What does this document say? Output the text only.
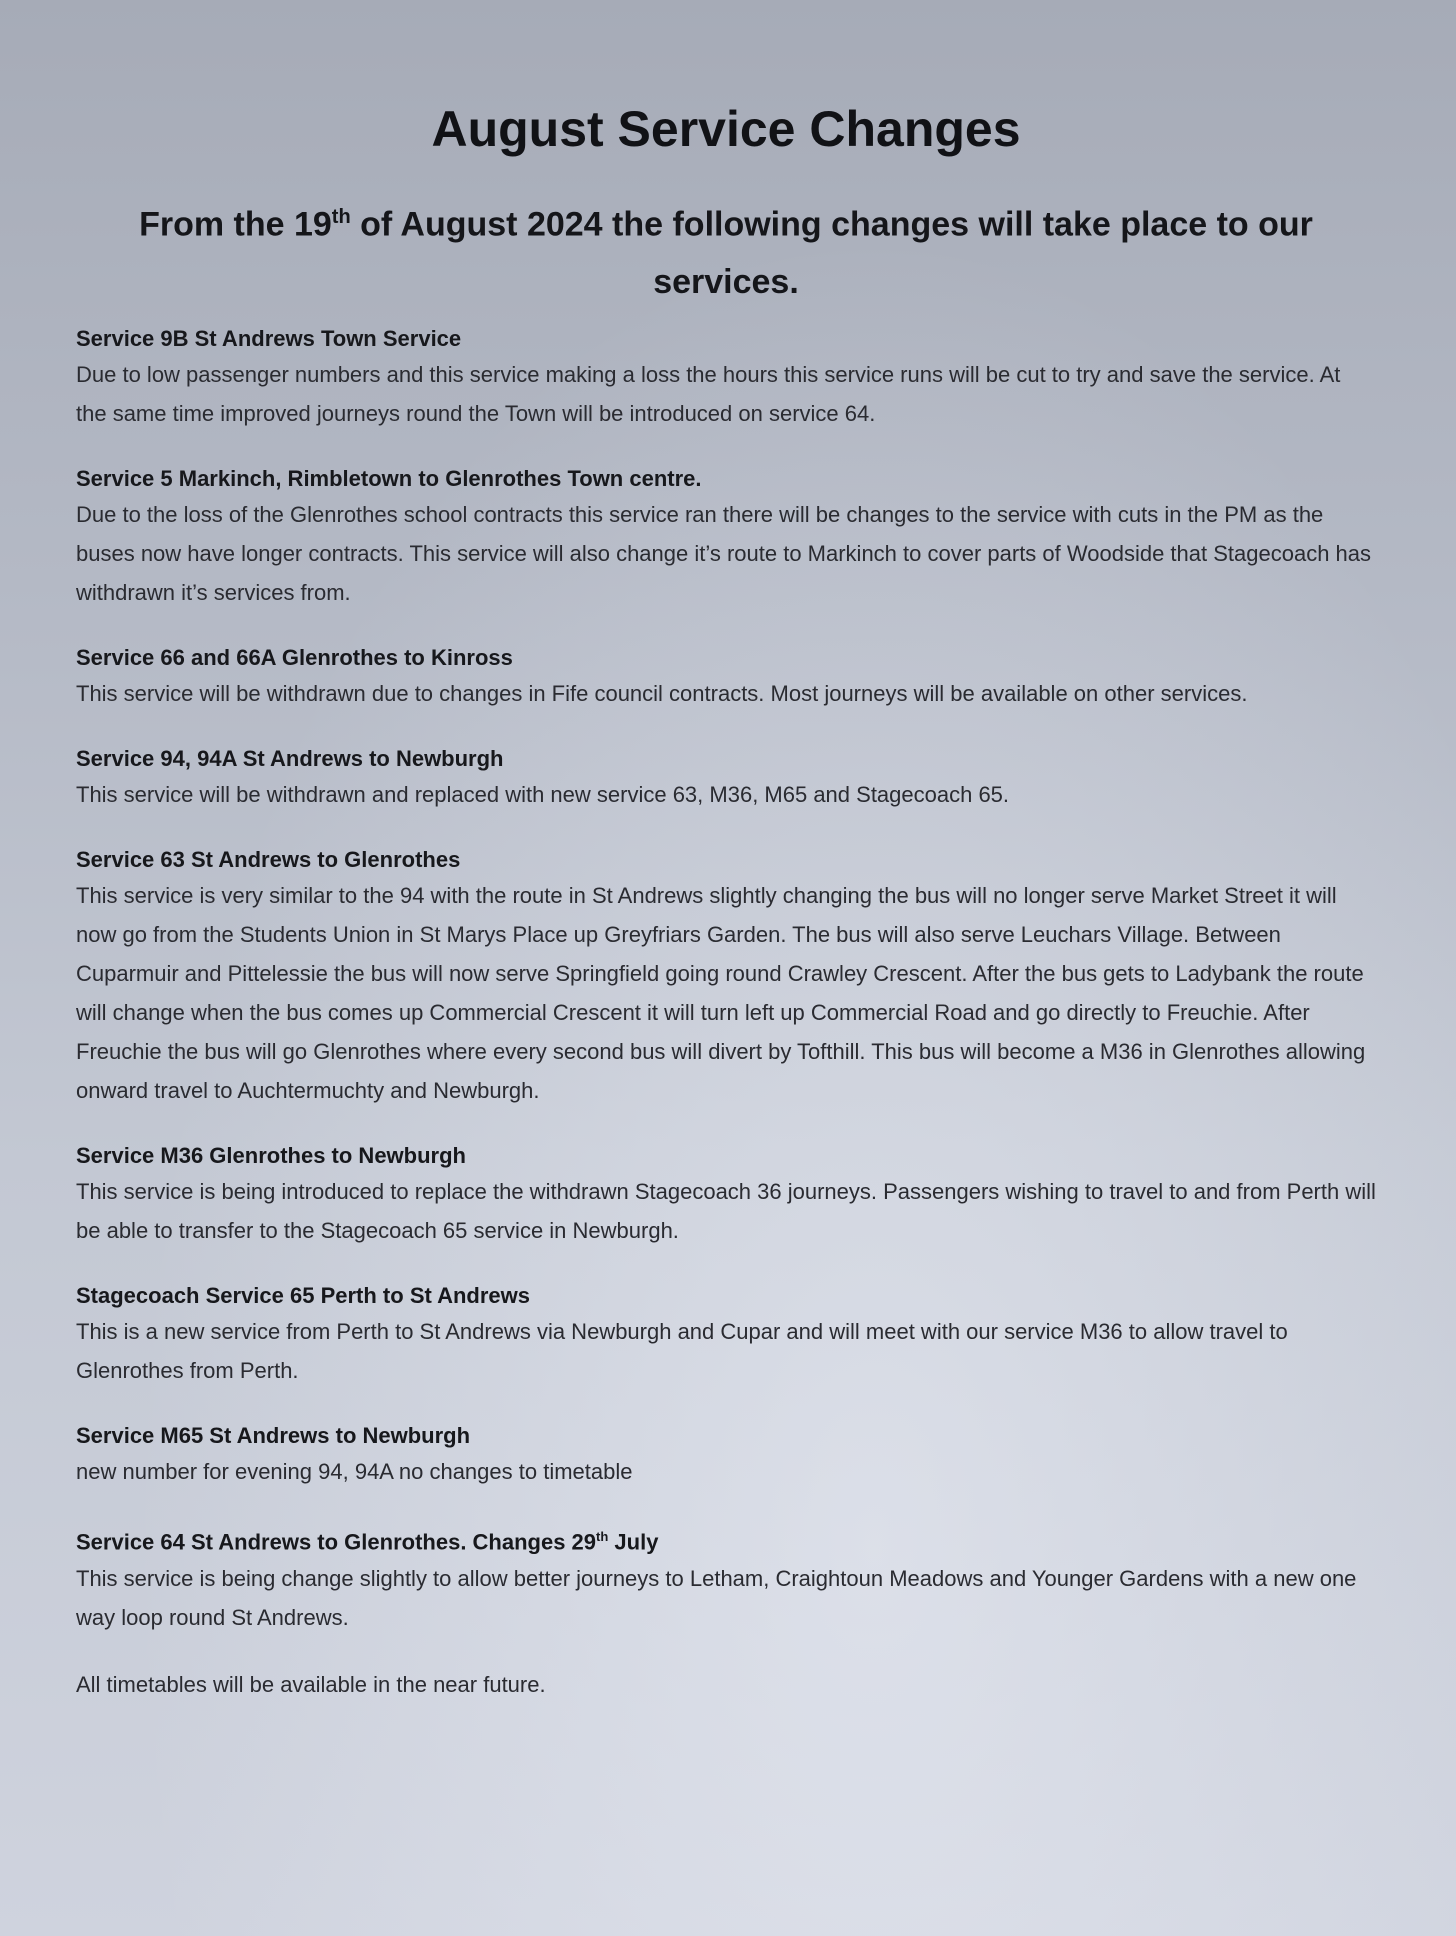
August Service Changes
From the 19th of August 2024 the following changes will take place to our services.
Service 9B St Andrews Town Service
Due to low passenger numbers and this service making a loss the hours this service runs will be cut to try and save the service. At the same time improved journeys round the Town will be introduced on service 64.
Service 5 Markinch, Rimbletown to Glenrothes Town centre.
Due to the loss of the Glenrothes school contracts this service ran there will be changes to the service with cuts in the PM as the buses now have longer contracts. This service will also change it’s route to Markinch to cover parts of Woodside that Stagecoach has withdrawn it’s services from.
Service 66 and 66A Glenrothes to Kinross
This service will be withdrawn due to changes in Fife council contracts. Most journeys will be available on other services.
Service 94, 94A St Andrews to Newburgh
This service will be withdrawn and replaced with new service 63, M36, M65 and Stagecoach 65.
Service 63 St Andrews to Glenrothes
This service is very similar to the 94 with the route in St Andrews slightly changing the bus will no longer serve Market Street it will now go from the Students Union in St Marys Place up Greyfriars Garden. The bus will also serve Leuchars Village. Between Cuparmuir and Pittelessie the bus will now serve Springfield going round Crawley Crescent. After the bus gets to Ladybank the route will change when the bus comes up Commercial Crescent it will turn left up Commercial Road and go directly to Freuchie. After Freuchie the bus will go Glenrothes where every second bus will divert by Tofthill. This bus will become a M36 in Glenrothes allowing onward travel to Auchtermuchty and Newburgh.
Service M36 Glenrothes to Newburgh
This service is being introduced to replace the withdrawn Stagecoach 36 journeys. Passengers wishing to travel to and from Perth will be able to transfer to the Stagecoach 65 service in Newburgh.
Stagecoach Service 65 Perth to St Andrews
This is a new service from Perth to St Andrews via Newburgh and Cupar and will meet with our service M36 to allow travel to Glenrothes from Perth.
Service M65 St Andrews to Newburgh
new number for evening 94, 94A no changes to timetable
Service 64 St Andrews to Glenrothes. Changes 29th July
This service is being change slightly to allow better journeys to Letham, Craightoun Meadows and Younger Gardens with a new one way loop round St Andrews.
All timetables will be available in the near future.
